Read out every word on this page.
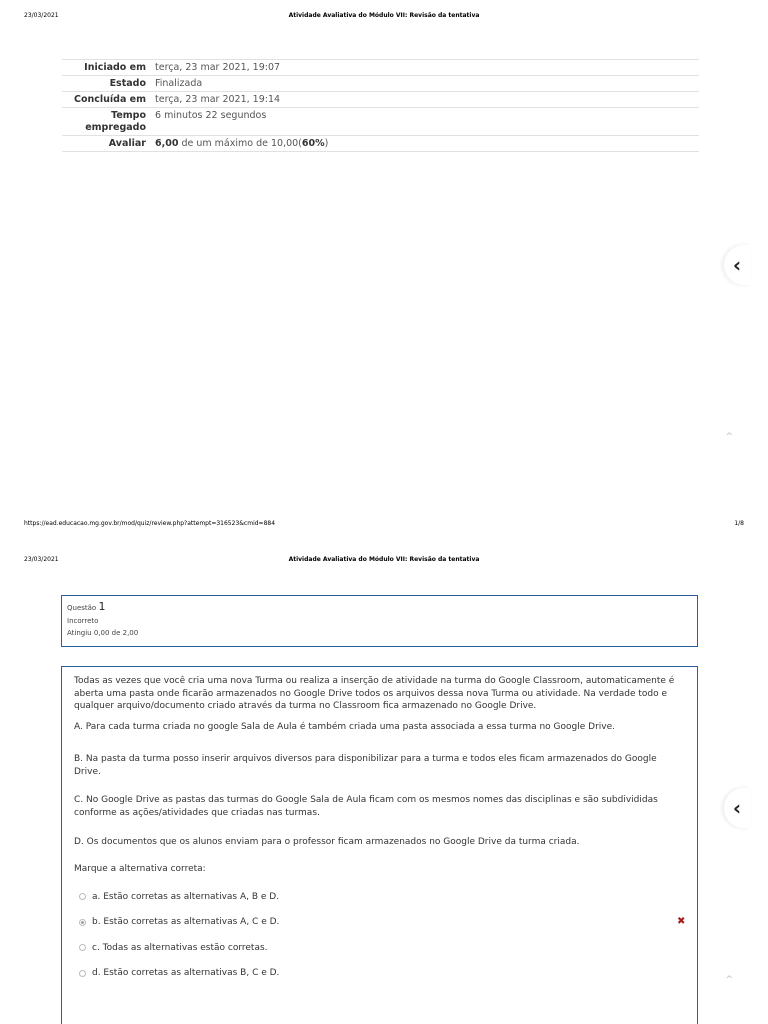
23/03/2021	Atividade Avaliativa do Módulo VII: Revisão da tentativa
Iniciado em terça, 23 mar 2021, 19:07
Estado Finalizada
Concluída em terça, 23 mar 2021, 19:14
Tempo
empregado
6 minutos 22 segundos
Avaliar 6,00 de um máximo de 10,00(60%)
‹
^
https://ead.educacao.mg.gov.br/mod/quiz/review.php?attempt=316523&cmid=884	1/8
23/03/2021	Atividade Avaliativa do Módulo VII: Revisão da tentativa
Questão 1
Incorreto
Atingiu 0,00 de 2,00

Todas as vezes que você cria uma nova Turma ou realiza a inserção de atividade na turma do Google Classroom, automaticamente é aberta uma pasta onde ficarão armazenados no Google Drive todos os arquivos dessa nova Turma ou atividade. Na verdade todo e qualquer arquivo/documento criado através da turma no Classroom fica armazenado no Google Drive.

A. Para cada turma criada no google Sala de Aula é também criada uma pasta associada a essa turma no Google Drive.

B. Na pasta da turma posso inserir arquivos diversos para disponibilizar para a turma e todos eles ficam armazenados do Google Drive.

C. No Google Drive as pastas das turmas do Google Sala de Aula ficam com os mesmos nomes das disciplinas e são subdivididas conforme as ações/atividades que criadas nas turmas.

D. Os documentos que os alunos enviam para o professor ficam armazenados no Google Drive da turma criada.

Marque a alternativa correta:

a. Estão corretas as alternativas A, B e D.
b. Estão corretas as alternativas A, C e D.	✖
c. Todas as alternativas estão corretas.
d. Estão corretas as alternativas B, C e D.
‹
^
